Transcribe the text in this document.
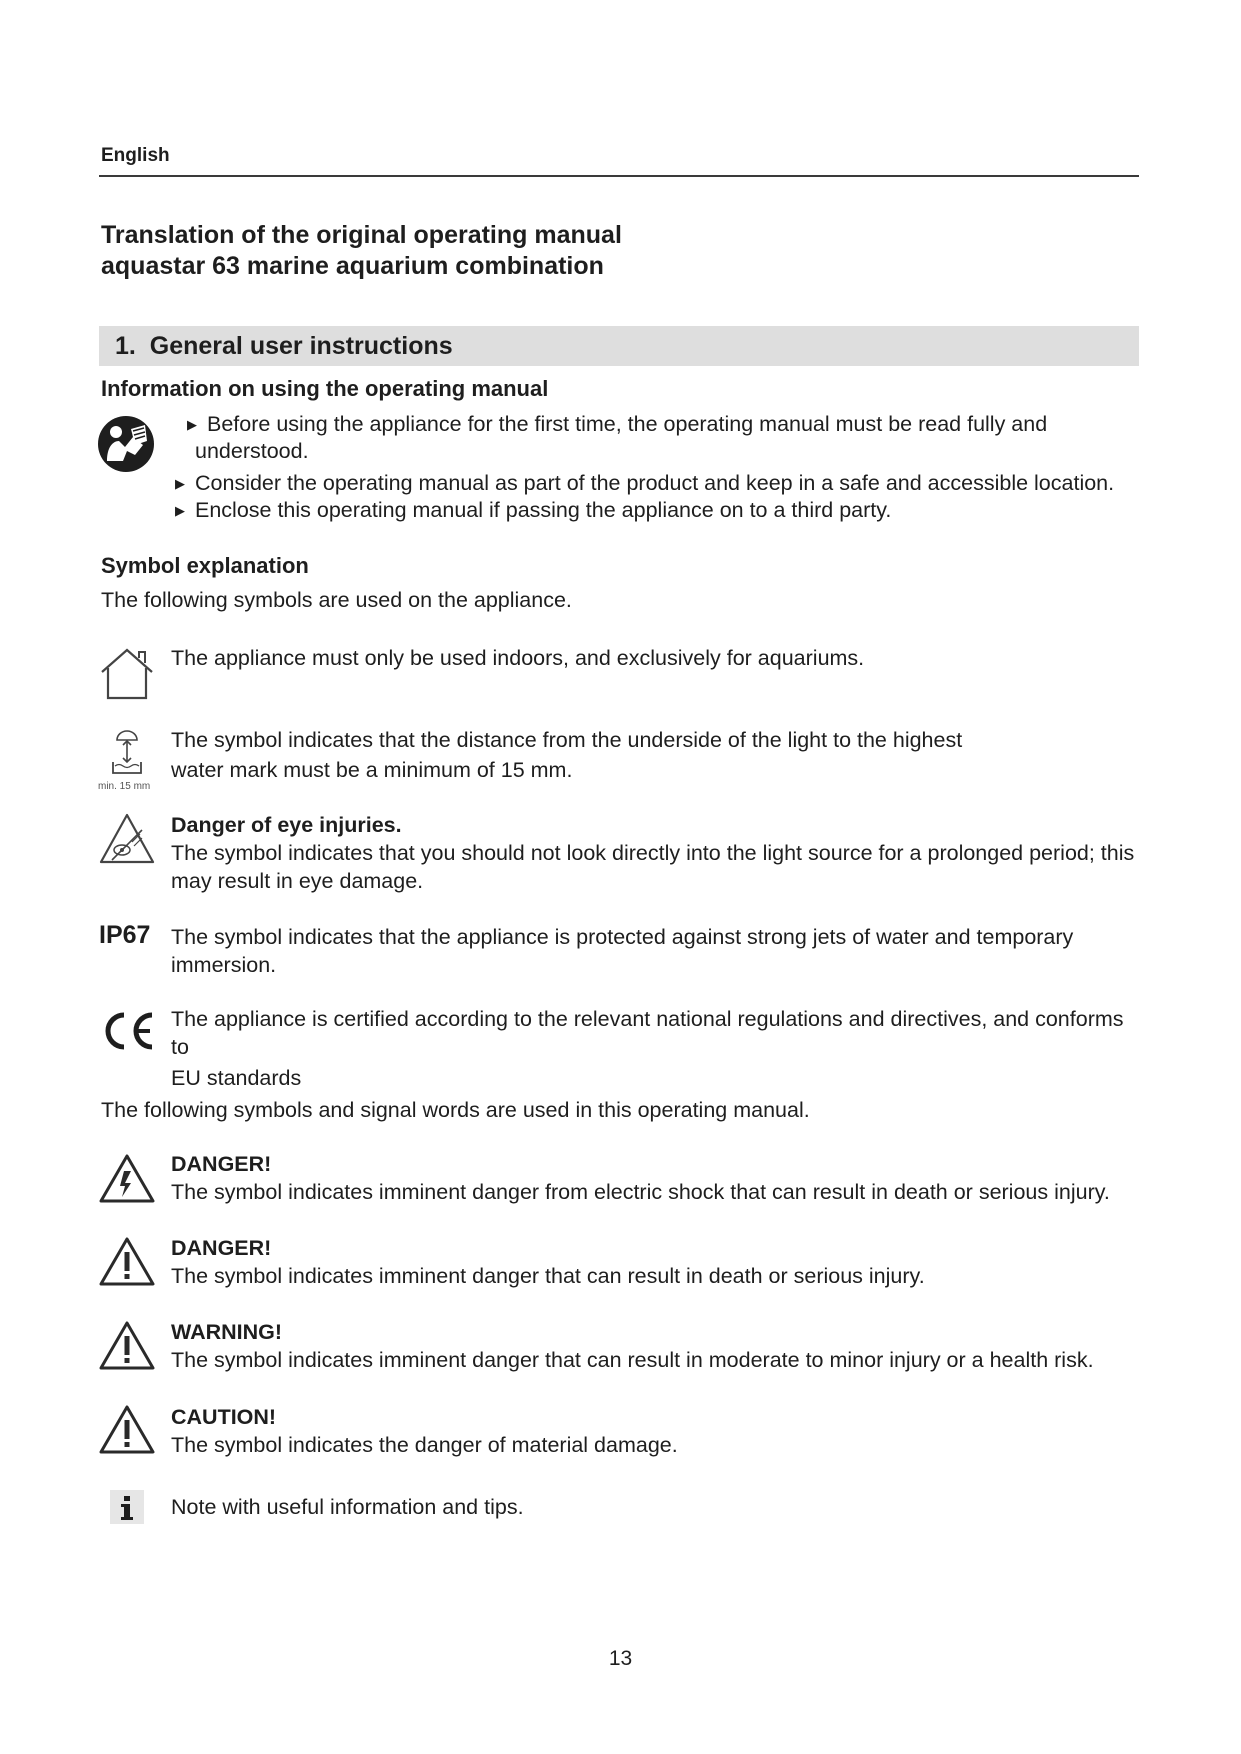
English
Translation of the original operating manual
aquastar 63 marine aquarium combination
1. General user instructions
Information on using the operating manual
▶ Before using the appliance for the first time, the operating manual must be read fully and
understood.
▶ Consider the operating manual as part of the product and keep in a safe and accessible location.
▶ Enclose this operating manual if passing the appliance on to a third party.
Symbol explanation
The following symbols are used on the appliance.
The appliance must only be used indoors, and exclusively for aquariums.
min. 15 mm
The symbol indicates that the distance from the underside of the light to the highest
water mark must be a minimum of 15 mm.
Danger of eye injuries.
The symbol indicates that you should not look directly into the light source for a prolonged period; this
may result in eye damage.
IP67 The symbol indicates that the appliance is protected against strong jets of water and temporary
immersion.
The appliance is certified according to the relevant national regulations and directives, and conforms to
EU standards
The following symbols and signal words are used in this operating manual.
DANGER!
The symbol indicates imminent danger from electric shock that can result in death or serious injury.
DANGER!
The symbol indicates imminent danger that can result in death or serious injury.
WARNING!
The symbol indicates imminent danger that can result in moderate to minor injury or a health risk.
CAUTION!
The symbol indicates the danger of material damage.
Note with useful information and tips.
13
